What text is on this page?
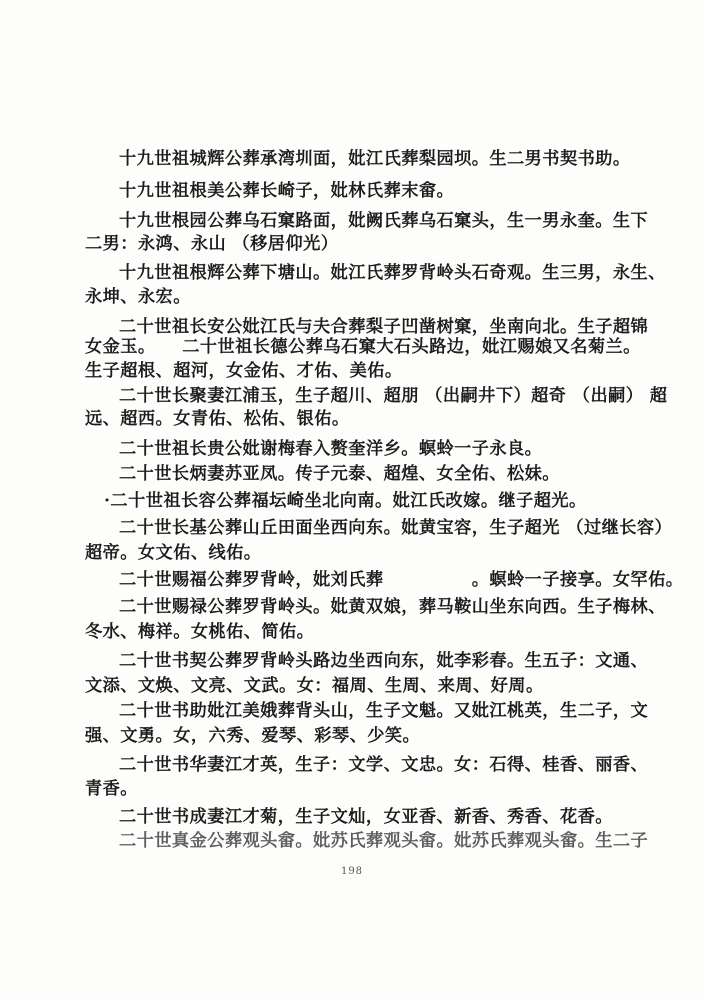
十九世祖城辉公葬承湾圳面，妣江氏葬梨园坝。生二男书契书助。
十九世祖根美公葬长崎子，妣林氏葬末畲。
十九世根园公葬乌石窠路面，妣阙氏葬乌石窠头，生一男永奎。生下
二男：永鸿、永山 （移居仰光）
十九世祖根辉公葬下塘山。妣江氏葬罗背岭头石奇观。生三男，永生、
永坤、永宏。
二十世祖长安公妣江氏与夫合葬梨子凹凿树窠，坐南向北。生子超锦
女金玉。　　二十世祖长德公葬乌石窠大石头路边，妣江赐娘又名菊兰。
生子超根、超河，女金佑、才佑、美佑。
二十世长聚妻江浦玉，生子超川、超朋 （出嗣井下）超奇 （出嗣） 超
远、超西。女青佑、松佑、银佑。
二十世祖长贵公妣谢梅春入赘奎洋乡。螟蛉一子永良。
二十世长炳妻苏亚凤。传子元泰、超煌、女全佑、松妹。
·二十世祖长容公葬福坛崎坐北向南。妣江氏改嫁。继子超光。
二十世长基公葬山丘田面坐西向东。妣黄宝容，生子超光 （过继长容）
超帝。女文佑、线佑。
二十世赐福公葬罗背岭，妣刘氏葬　　　　　。螟蛉一子接享。女罕佑。
二十世赐禄公葬罗背岭头。妣黄双娘，葬马鞍山坐东向西。生子梅林、
冬水、梅祥。女桃佑、简佑。
二十世书契公葬罗背岭头路边坐西向东，妣李彩春。生五子：文通、
文添、文焕、文亮、文武。女：福周、生周、来周、好周。
二十世书助妣江美娥葬背头山，生子文魁。又妣江桃英，生二子，文
强、文勇。女，六秀、爱琴、彩琴、少笑。
二十世书华妻江才英，生子：文学、文忠。女：石得、桂香、丽香、
青香。
二十世书成妻江才菊，生子文灿，女亚香、新香、秀香、花香。
二十世真金公葬观头畲。妣苏氏葬观头畲。妣苏氏葬观头畲。生二子
198
